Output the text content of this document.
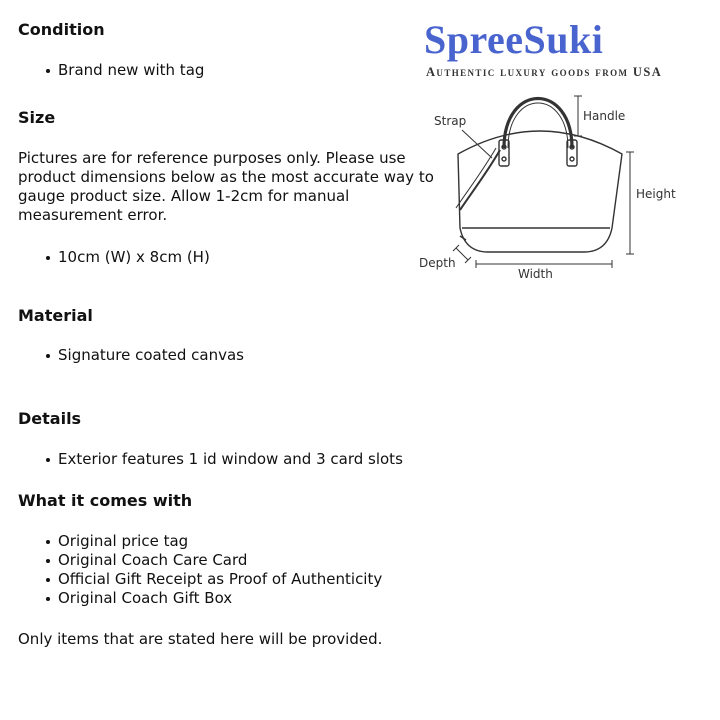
Condition
Brand new with tag
Size
Pictures are for reference purposes only. Please use
product dimensions below as the most accurate way to
gauge product size. Allow 1-2cm for manual
measurement error.
10cm (W) x 8cm (H)
Material
Signature coated canvas
Details
Exterior features 1 id window and 3 card slots
What it comes with
Original price tag
Original Coach Care Card
Official Gift Receipt as Proof of Authenticity
Original Coach Gift Box
Only items that are stated here will be provided.
SpreeSuki
Authentic luxury goods from USA
Strap	Handle
Height
Depth
Width
